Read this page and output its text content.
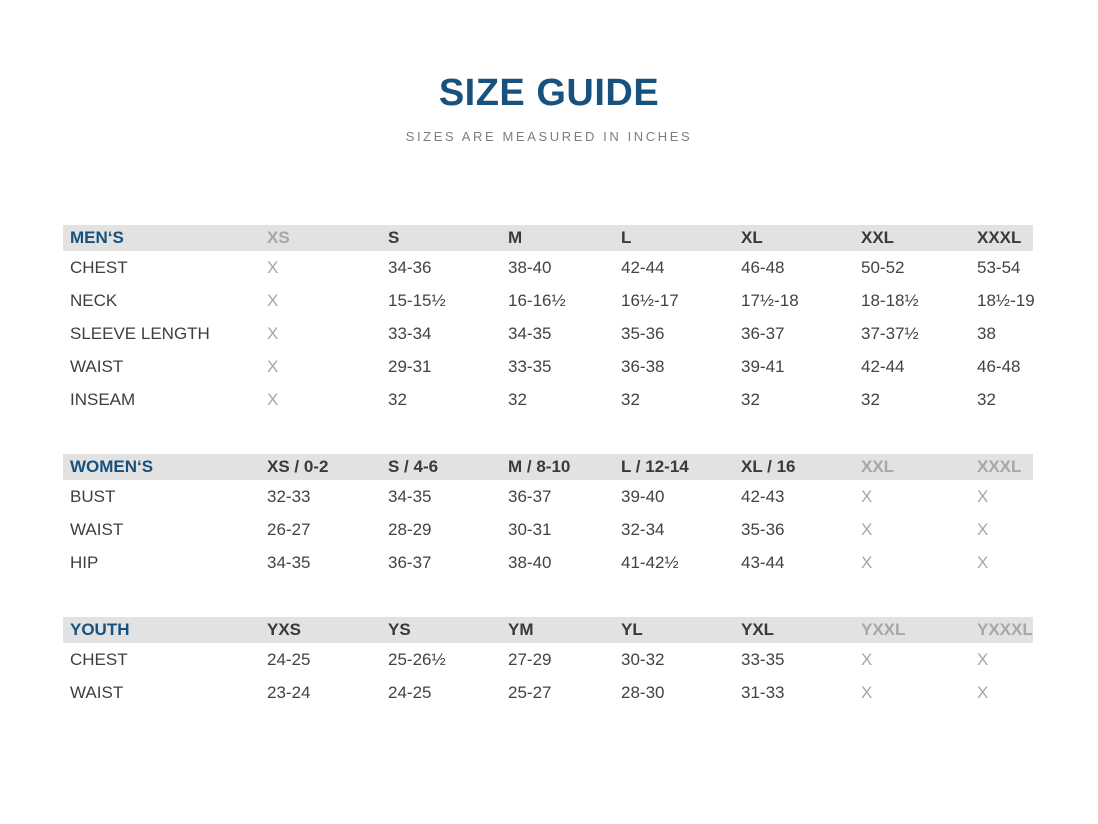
SIZE GUIDE
SIZES ARE MEASURED IN INCHES
MEN‘S	XS	S	M	L	XL	XXL	XXXL
CHEST	X	34-36	38-40	42-44	46-48	50-52	53-54
NECK	X	15-15½	16-16½	16½-17	17½-18	18-18½	18½-19
SLEEVE LENGTH	X	33-34	34-35	35-36	36-37	37-37½	38
WAIST	X	29-31	33-35	36-38	39-41	42-44	46-48
INSEAM	X	32	32	32	32	32	32
WOMEN‘S	XS / 0-2	S / 4-6	M / 8-10	L / 12-14	XL / 16	XXL	XXXL
BUST	32-33	34-35	36-37	39-40	42-43	X	X
WAIST	26-27	28-29	30-31	32-34	35-36	X	X
HIP	34-35	36-37	38-40	41-42½	43-44	X	X
YOUTH	YXS	YS	YM	YL	YXL	YXXL	YXXXL
CHEST	24-25	25-26½	27-29	30-32	33-35	X	X
WAIST	23-24	24-25	25-27	28-30	31-33	X	X
